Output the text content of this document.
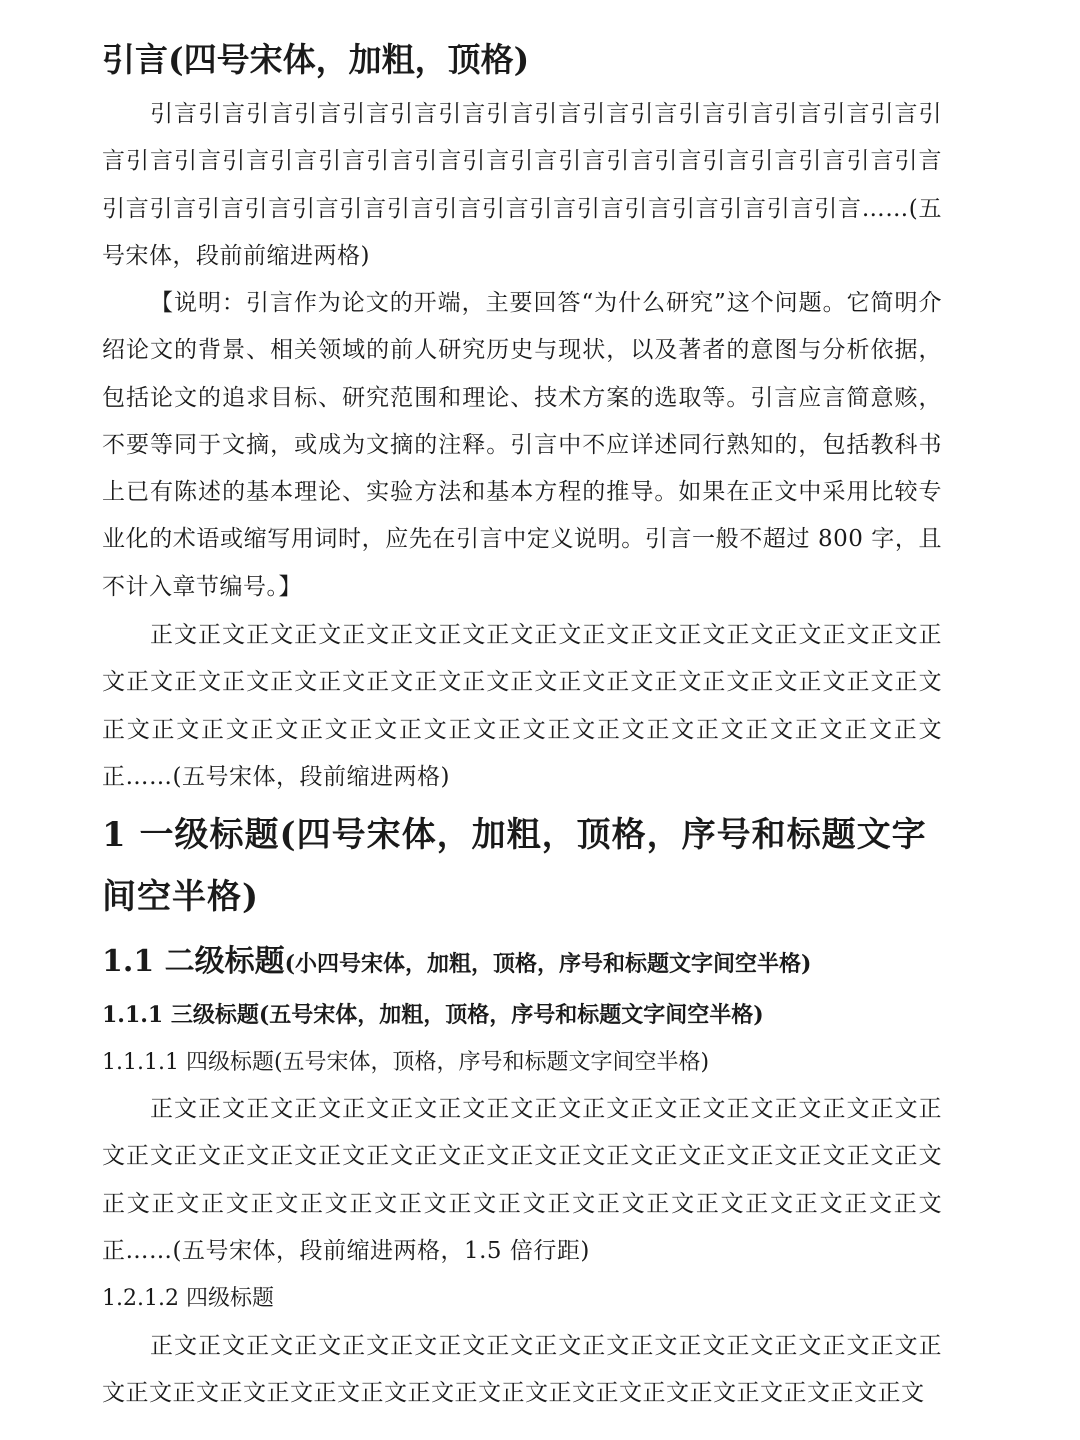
引言(四号宋体，加粗，顶格)

引言引言引言引言引言引言引言引言引言引言引言引言引言引言引言引言引言引言引言引言引言引言引言引言引言引言引言引言引言引言引言引言引言引言引言引言引言引言引言引言引言引言引言引言引言引言引言引言引言引言……(五号宋体，段前前缩进两格)

【说明：引言作为论文的开端，主要回答“为什么研究”这个问题。它简明介绍论文的背景、相关领域的前人研究历史与现状，以及著者的意图与分析依据，包括论文的追求目标、研究范围和理论、技术方案的选取等。引言应言简意赅，不要等同于文摘，或成为文摘的注释。引言中不应详述同行熟知的，包括教科书上已有陈述的基本理论、实验方法和基本方程的推导。如果在正文中采用比较专业化的术语或缩写用词时，应先在引言中定义说明。引言一般不超过 800 字，且不计入章节编号。】

正文正文正文正文正文正文正文正文正文正文正文正文正文正文正文正文正文正文正文正文正文正文正文正文正文正文正文正文正文正文正文正文正文正文正文正文正文正文正文正文正文正文正文正文正文正文正文正文正文正文正文正……(五号宋体，段前缩进两格)

1 一级标题(四号宋体，加粗，顶格，序号和标题文字间空半格)
1.1 二级标题(小四号宋体，加粗，顶格，序号和标题文字间空半格)
1.1.1 三级标题(五号宋体，加粗，顶格，序号和标题文字间空半格)
1.1.1.1 四级标题(五号宋体，顶格，序号和标题文字间空半格)

正文正文正文正文正文正文正文正文正文正文正文正文正文正文正文正文正文正文正文正文正文正文正文正文正文正文正文正文正文正文正文正文正文正文正文正文正文正文正文正文正文正文正文正文正文正文正文正文正文正文正文正……(五号宋体，段前缩进两格，1.5 倍行距)

1.2.1.2 四级标题

正文正文正文正文正文正文正文正文正文正文正文正文正文正文正文正文正文正文正文正文正文正文正文正文正文正文正文正文正文正文正文正文正文正文
